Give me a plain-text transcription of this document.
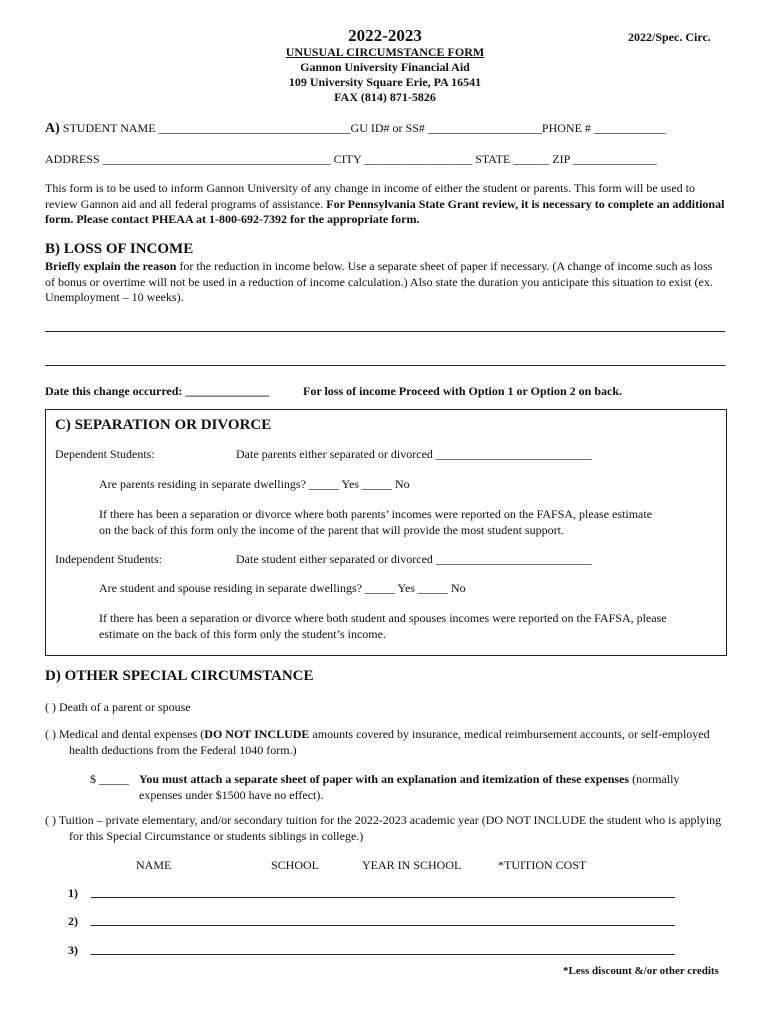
2022-2023	2022/Spec. Circ.
UNUSUAL CIRCUMSTANCE FORM
Gannon University Financial Aid
109 University Square Erie, PA 16541
FAX (814) 871-5826
A) STUDENT NAME ________________________________GU ID# or SS# ___________________PHONE # ____________
ADDRESS ______________________________________ CITY __________________ STATE ______ ZIP ______________
This form is to be used to inform Gannon University of any change in income of either the student or parents. This form will be used to review Gannon aid and all federal programs of assistance. For Pennsylvania State Grant review, it is necessary to complete an additional form. Please contact PHEAA at 1-800-692-7392 for the appropriate form.
B) LOSS OF INCOME
Briefly explain the reason for the reduction in income below. Use a separate sheet of paper if necessary. (A change of income such as loss of bonus or overtime will not be used in a reduction of income calculation.) Also state the duration you anticipate this situation to exist (ex. Unemployment – 10 weeks).
Date this change occurred: ______________	For loss of income Proceed with Option 1 or Option 2 on back.
C) SEPARATION OR DIVORCE
Dependent Students:	Date parents either separated or divorced __________________________
Are parents residing in separate dwellings? _____ Yes _____ No
If there has been a separation or divorce where both parents’ incomes were reported on the FAFSA, please estimate on the back of this form only the income of the parent that will provide the most student support.
Independent Students:	Date student either separated or divorced __________________________
Are student and spouse residing in separate dwellings? _____ Yes _____ No
If there has been a separation or divorce where both student and spouses incomes were reported on the FAFSA, please estimate on the back of this form only the student’s income.
D) OTHER SPECIAL CIRCUMSTANCE
( ) Death of a parent or spouse
( ) Medical and dental expenses (DO NOT INCLUDE amounts covered by insurance, medical reimbursement accounts, or self-employed health deductions from the Federal 1040 form.)
$ _____ You must attach a separate sheet of paper with an explanation and itemization of these expenses (normally expenses under $1500 have no effect).
( ) Tuition – private elementary, and/or secondary tuition for the 2022-2023 academic year (DO NOT INCLUDE the student who is applying for this Special Circumstance or students siblings in college.)
NAME	SCHOOL	YEAR IN SCHOOL	*TUITION COST
1)
2)
3)
*Less discount &/or other credits
